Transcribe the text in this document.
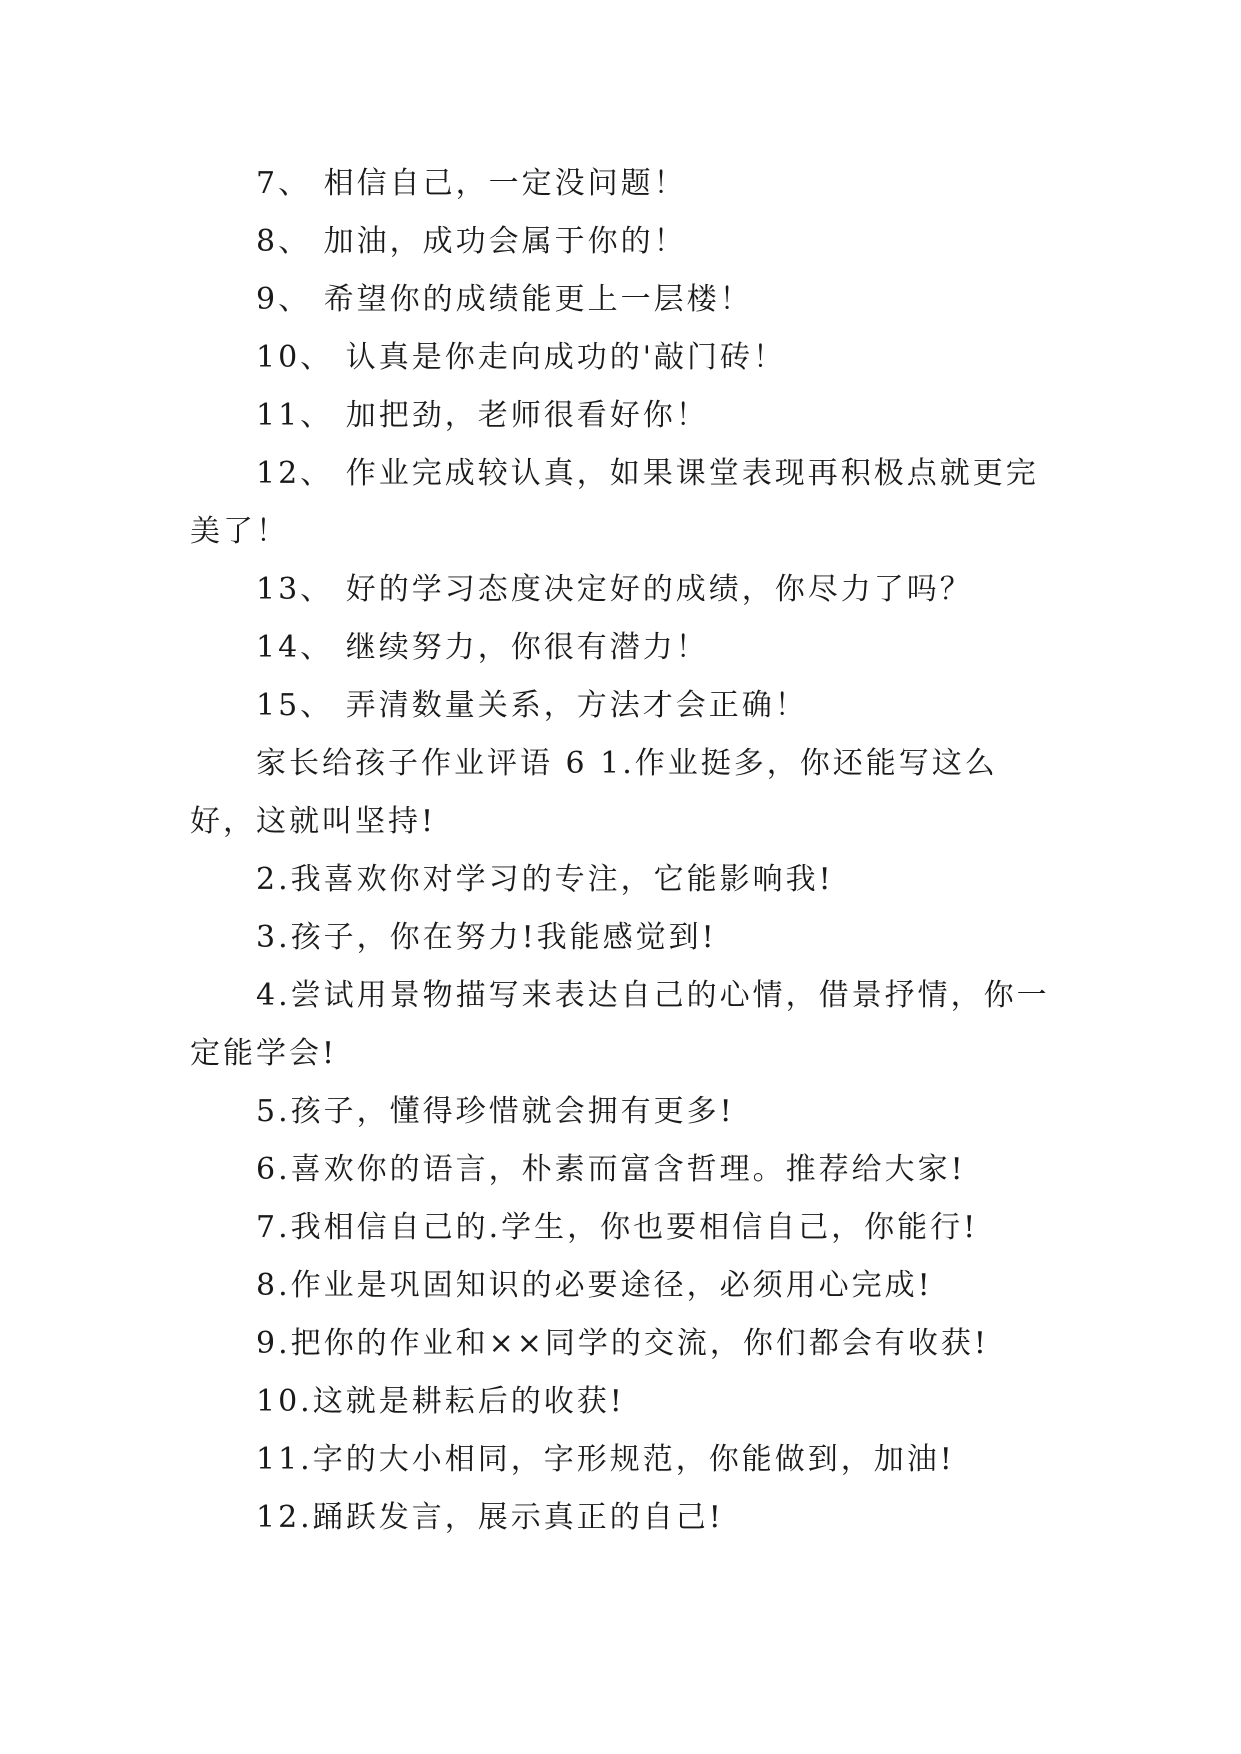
7、 相信自己，一定没问题！

8、 加油，成功会属于你的！

9、 希望你的成绩能更上一层楼！

10、 认真是你走向成功的'敲门砖！

11、 加把劲，老师很看好你！

12、 作业完成较认真，如果课堂表现再积极点就更完美了！

13、 好的学习态度决定好的成绩，你尽力了吗？

14、 继续努力，你很有潜力！

15、 弄清数量关系，方法才会正确！

家长给孩子作业评语 6 1.作业挺多，你还能写这么好，这就叫坚持!

2.我喜欢你对学习的专注，它能影响我!

3.孩子，你在努力!我能感觉到!

4.尝试用景物描写来表达自己的心情，借景抒情，你一定能学会!

5.孩子，懂得珍惜就会拥有更多!

6.喜欢你的语言，朴素而富含哲理。推荐给大家!

7.我相信自己的.学生，你也要相信自己，你能行!

8.作业是巩固知识的必要途径，必须用心完成!

9.把你的作业和××同学的交流，你们都会有收获!

10.这就是耕耘后的收获!

11.字的大小相同，字形规范，你能做到，加油!

12.踊跃发言，展示真正的自己!
